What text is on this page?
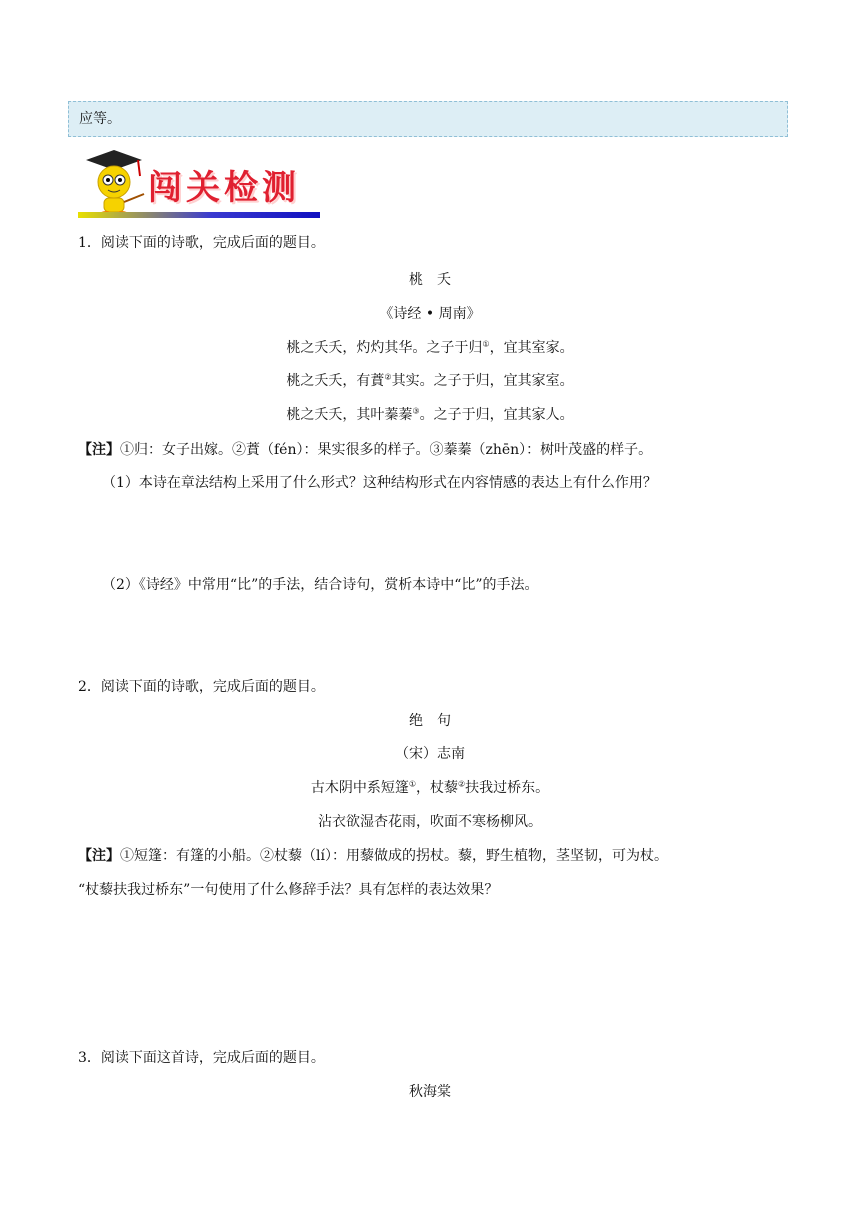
应等。
闯关检测
1．阅读下面的诗歌，完成后面的题目。
桃　夭
《诗经 • 周南》
桃之夭夭，灼灼其华。之子于归①，宜其室家。
桃之夭夭，有蕡②其实。之子于归，宜其家室。
桃之夭夭，其叶蓁蓁③。之子于归，宜其家人。
【注】①归：女子出嫁。②蕡（fén）：果实很多的样子。③蓁蓁（zhēn）：树叶茂盛的样子。
（1）本诗在章法结构上采用了什么形式？这种结构形式在内容情感的表达上有什么作用？
（2）《诗经》中常用“比”的手法，结合诗句，赏析本诗中“比”的手法。
2．阅读下面的诗歌，完成后面的题目。
绝　句
（宋）志南
古木阴中系短篷①，杖藜②扶我过桥东。
沾衣欲湿杏花雨，吹面不寒杨柳风。
【注】①短篷：有篷的小船。②杖藜（lí）：用藜做成的拐杖。藜，野生植物，茎坚韧，可为杖。
“杖藜扶我过桥东”一句使用了什么修辞手法？具有怎样的表达效果？
3．阅读下面这首诗，完成后面的题目。
秋海棠
